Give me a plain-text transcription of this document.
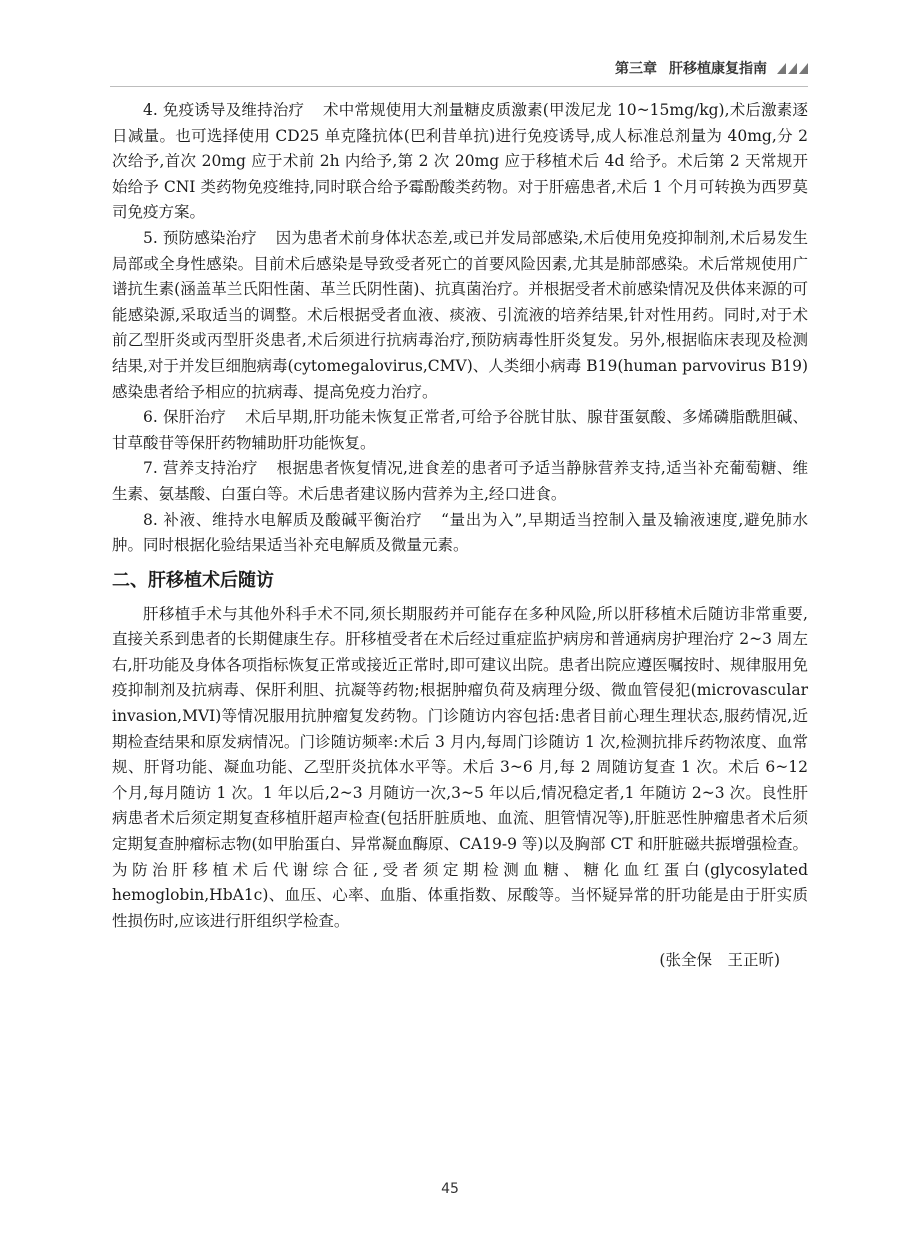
第三章 肝移植康复指南

4. 免疫诱导及维持治疗 术中常规使用大剂量糖皮质激素(甲泼尼龙 10~15mg/kg),术后激素逐日减量。也可选择使用 CD25 单克隆抗体(巴利昔单抗)进行免疫诱导,成人标准总剂量为 40mg,分 2 次给予,首次 20mg 应于术前 2h 内给予,第 2 次 20mg 应于移植术后 4d 给予。术后第 2 天常规开始给予 CNI 类药物免疫维持,同时联合给予霉酚酸类药物。对于肝癌患者,术后 1 个月可转换为西罗莫司免疫方案。

5. 预防感染治疗 因为患者术前身体状态差,或已并发局部感染,术后使用免疫抑制剂,术后易发生局部或全身性感染。目前术后感染是导致受者死亡的首要风险因素,尤其是肺部感染。术后常规使用广谱抗生素(涵盖革兰氏阳性菌、革兰氏阴性菌)、抗真菌治疗。并根据受者术前感染情况及供体来源的可能感染源,采取适当的调整。术后根据受者血液、痰液、引流液的培养结果,针对性用药。同时,对于术前乙型肝炎或丙型肝炎患者,术后须进行抗病毒治疗,预防病毒性肝炎复发。另外,根据临床表现及检测结果,对于并发巨细胞病毒(cytomegalovirus,CMV)、人类细小病毒 B19(human parvovirus B19)感染患者给予相应的抗病毒、提高免疫力治疗。

6. 保肝治疗 术后早期,肝功能未恢复正常者,可给予谷胱甘肽、腺苷蛋氨酸、多烯磷脂酰胆碱、甘草酸苷等保肝药物辅助肝功能恢复。

7. 营养支持治疗 根据患者恢复情况,进食差的患者可予适当静脉营养支持,适当补充葡萄糖、维生素、氨基酸、白蛋白等。术后患者建议肠内营养为主,经口进食。

8. 补液、维持水电解质及酸碱平衡治疗 “量出为入”,早期适当控制入量及输液速度,避免肺水肿。同时根据化验结果适当补充电解质及微量元素。

二、肝移植术后随访

肝移植手术与其他外科手术不同,须长期服药并可能存在多种风险,所以肝移植术后随访非常重要,直接关系到患者的长期健康生存。肝移植受者在术后经过重症监护病房和普通病房护理治疗 2~3 周左右,肝功能及身体各项指标恢复正常或接近正常时,即可建议出院。患者出院应遵医嘱按时、规律服用免疫抑制剂及抗病毒、保肝利胆、抗凝等药物;根据肿瘤负荷及病理分级、微血管侵犯(microvascular invasion,MVI)等情况服用抗肿瘤复发药物。门诊随访内容包括:患者目前心理生理状态,服药情况,近期检查结果和原发病情况。门诊随访频率:术后 3 月内,每周门诊随访 1 次,检测抗排斥药物浓度、血常规、肝肾功能、凝血功能、乙型肝炎抗体水平等。术后 3~6 月,每 2 周随访复查 1 次。术后 6~12 个月,每月随访 1 次。1 年以后,2~3 月随访一次,3~5 年以后,情况稳定者,1 年随访 2~3 次。良性肝病患者术后须定期复查移植肝超声检查(包括肝脏质地、血流、胆管情况等),肝脏恶性肿瘤患者术后须定期复查肿瘤标志物(如甲胎蛋白、异常凝血酶原、CA19-9 等)以及胸部 CT 和肝脏磁共振增强检查。为防治肝移植术后代谢综合征,受者须定期检测血糖、糖化血红蛋白(glycosylated hemoglobin,HbA1c)、血压、心率、血脂、体重指数、尿酸等。当怀疑异常的肝功能是由于肝实质性损伤时,应该进行肝组织学检查。

(张全保　王正昕)
45
